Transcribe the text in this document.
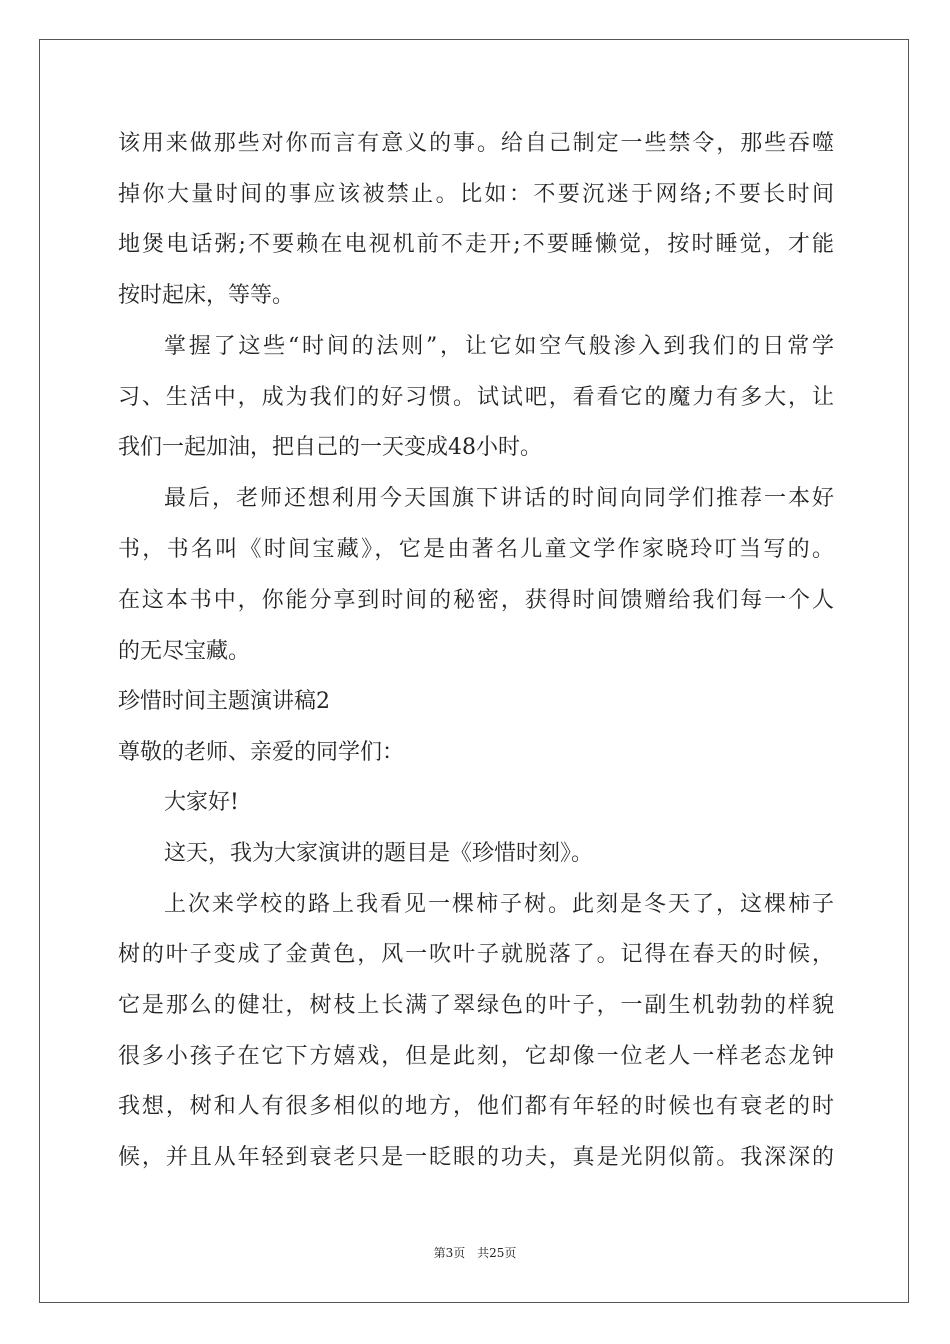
该用来做那些对你而言有意义的事。给自己制定一些禁令，那些吞噬
掉你大量时间的事应该被禁止。比如：不要沉迷于网络;不要长时间
地煲电话粥;不要赖在电视机前不走开;不要睡懒觉，按时睡觉，才能
按时起床，等等。
掌握了这些“时间的法则”，让它如空气般渗入到我们的日常学
习、生活中，成为我们的好习惯。试试吧，看看它的魔力有多大，让
我们一起加油，把自己的一天变成48小时。
最后，老师还想利用今天国旗下讲话的时间向同学们推荐一本好
书，书名叫《时间宝藏》，它是由著名儿童文学作家晓玲叮当写的。
在这本书中，你能分享到时间的秘密，获得时间馈赠给我们每一个人
的无尽宝藏。
珍惜时间主题演讲稿2
尊敬的老师、亲爱的同学们：
大家好!
这天，我为大家演讲的题目是《珍惜时刻》。
上次来学校的路上我看见一棵柿子树。此刻是冬天了，这棵柿子
树的叶子变成了金黄色，风一吹叶子就脱落了。记得在春天的时候，
它是那么的健壮，树枝上长满了翠绿色的叶子，一副生机勃勃的样貌
很多小孩子在它下方嬉戏，但是此刻，它却像一位老人一样老态龙钟
我想，树和人有很多相似的地方，他们都有年轻的时候也有衰老的时
候，并且从年轻到衰老只是一眨眼的功夫，真是光阴似箭。我深深的
第3页 共25页
